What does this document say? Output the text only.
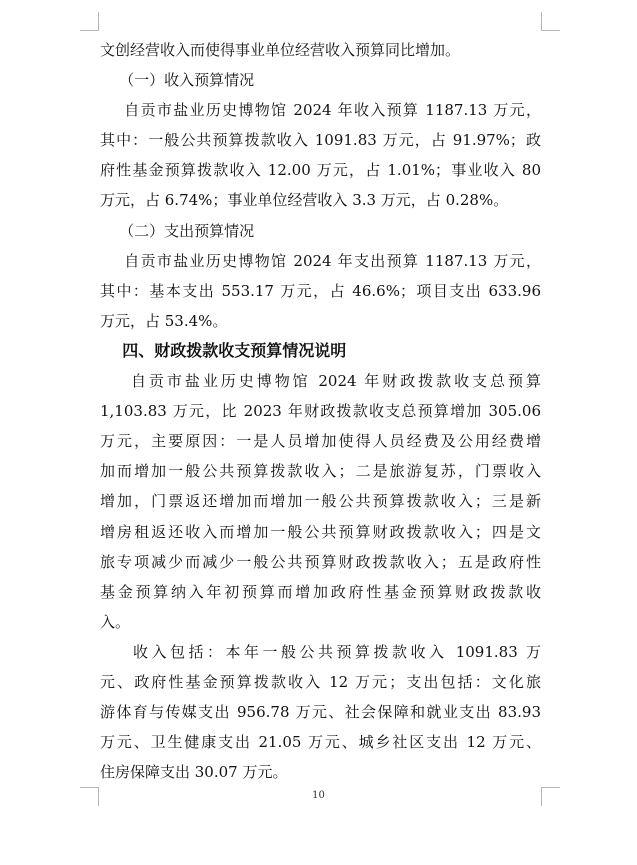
文创经营收入而使得事业单位经营收入预算同比增加。
（一）收入预算情况
自贡市盐业历史博物馆 2024 年收入预算 1187.13 万元，
其中：一般公共预算拨款收入 1091.83 万元，占 91.97%；政
府性基金预算拨款收入 12.00 万元，占 1.01%；事业收入 80
万元，占 6.74%；事业单位经营收入 3.3 万元，占 0.28%。
（二）支出预算情况
自贡市盐业历史博物馆 2024 年支出预算 1187.13 万元，
其中：基本支出 553.17 万元，占 46.6%；项目支出 633.96
万元，占 53.4%。
四、财政拨款收支预算情况说明
自贡市盐业历史博物馆 2024 年财政拨款收支总预算
1,103.83 万元，比 2023 年财政拨款收支总预算增加 305.06
万元，主要原因：一是人员增加使得人员经费及公用经费增
加而增加一般公共预算拨款收入；二是旅游复苏，门票收入
增加，门票返还增加而增加一般公共预算拨款收入；三是新
增房租返还收入而增加一般公共预算财政拨款收入；四是文
旅专项减少而减少一般公共预算财政拨款收入；五是政府性
基金预算纳入年初预算而增加政府性基金预算财政拨款收
入。
收入包括：本年一般公共预算拨款收入 1091.83 万
元、政府性基金预算拨款收入 12 万元；支出包括：文化旅
游体育与传媒支出 956.78 万元、社会保障和就业支出 83.93
万元、卫生健康支出 21.05 万元、城乡社区支出 12 万元、
住房保障支出 30.07 万元。
10
